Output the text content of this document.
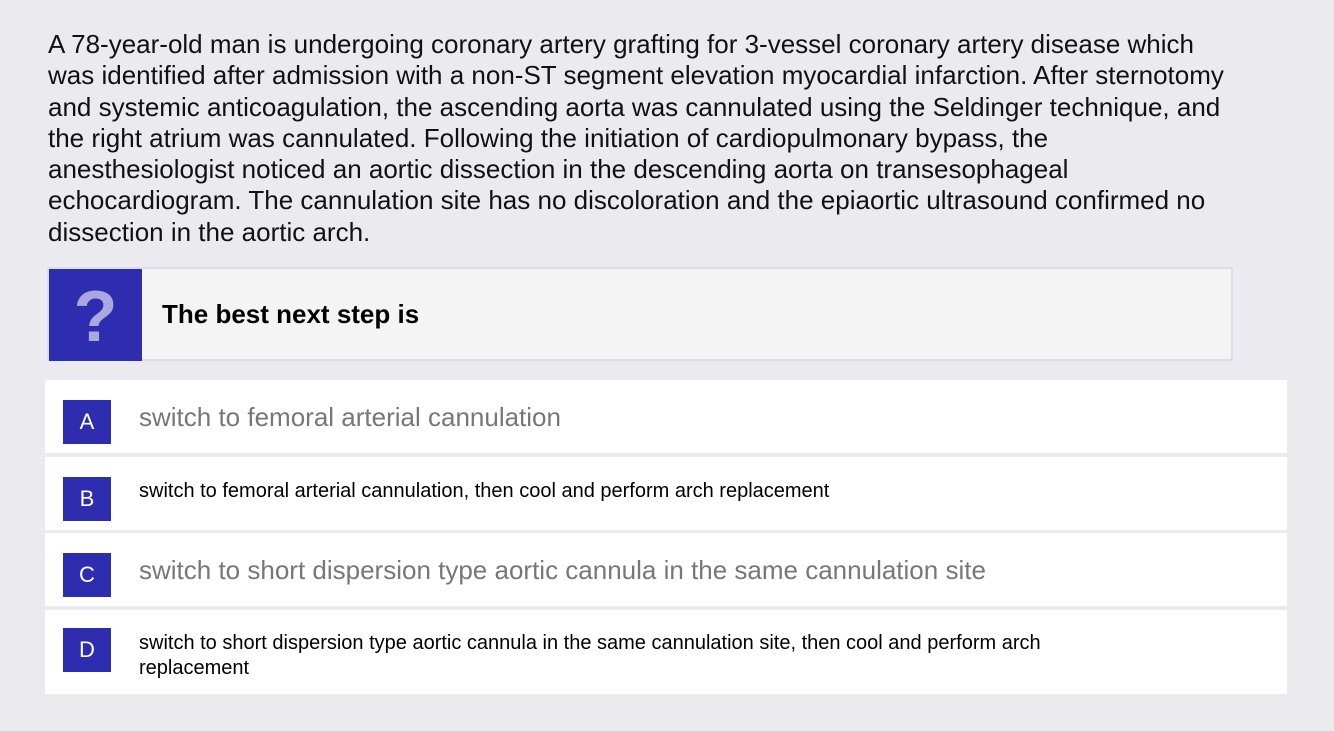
A 78-year-old man is undergoing coronary artery grafting for 3-vessel coronary artery disease which was identified after admission with a non-ST segment elevation myocardial infarction. After sternotomy and systemic anticoagulation, the ascending aorta was cannulated using the Seldinger technique, and the right atrium was cannulated. Following the initiation of cardiopulmonary bypass, the anesthesiologist noticed an aortic dissection in the descending aorta on transesophageal echocardiogram. The cannulation site has no discoloration and the epiaortic ultrasound confirmed no dissection in the aortic arch.

? The best next step is
A	switch to femoral arterial cannulation

B	switch to femoral arterial cannulation, then cool and perform arch replacement

C	switch to short dispersion type aortic cannula in the same cannulation site

D	switch to short dispersion type aortic cannula in the same cannulation site, then cool and perform arch replacement
